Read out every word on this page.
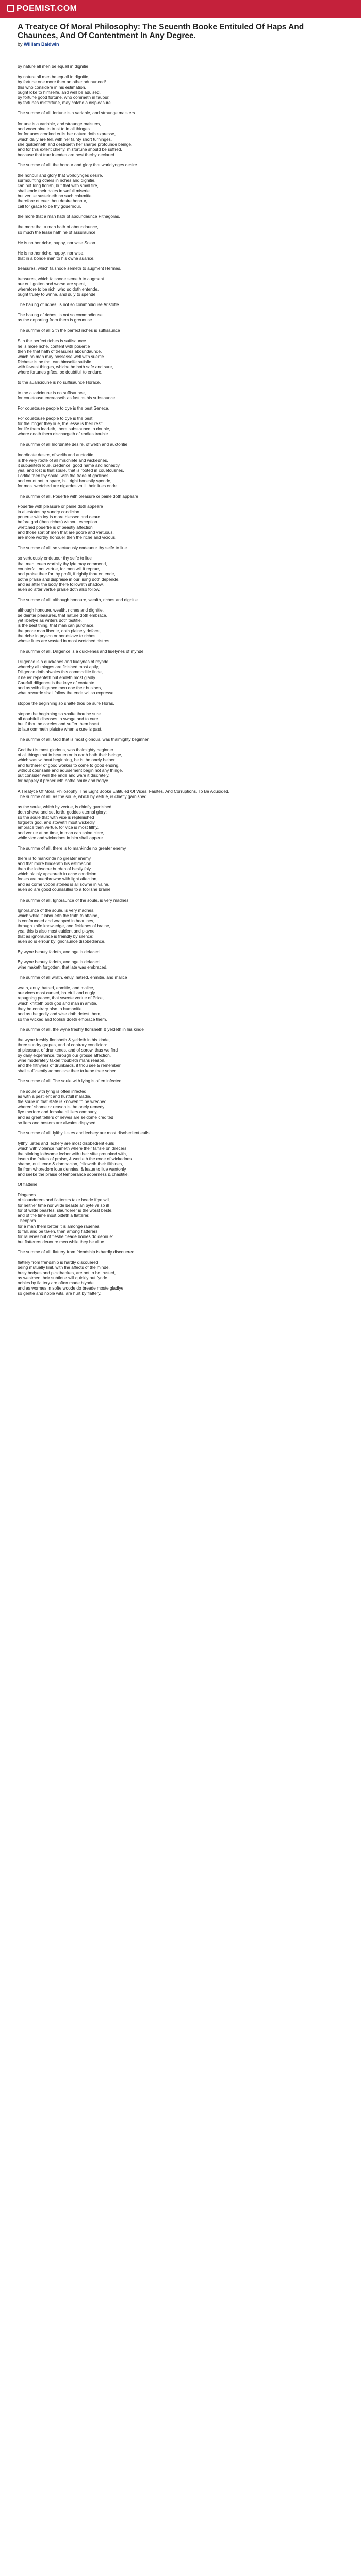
POEMIST.COM
A Treatyce Of Moral Philosophy: The Seuenth Booke Entituled Of Haps And Chaunces, And Of Contentment In Any Degree.
by William Baldwin
by nature all men be equall in dignitie
by nature all men be equall in dignitie,
by fortune one more then an other aduaunced/
this who considere in his estimation,
ought loke to himselfe, and well be aduised,
by fortune good fortune, who commeth in fauour,
by fortunes misfortune, may catche a displeasure.
The summe of all. fortune is a variable, and straunge maisters
fortune is a variable, and straunge maisters,
and vncertaine to trust to in all thinges.
for fortunes crooked euils her nature doth expresse,
which daily are fell, with her fainty short turninges,
she quikenneth and destroieth her sharpe profounde beinge,
and for this extent chiefly, misfortune should be suffred,
because that true friendes are best therby declared.
The summe of all. the honour and glory that worldlynges desire.
the honour and glory that worldlynges desire.
surmounting others in riches and dignitie,
can not long florish, but that with small fire,
shall ende their daies in wofull miserie.
but vertue susteineth no such calamitie,
therefore et euer thou desire honour,
call for grace to be thy gouernour.
the more that a man hath of aboundaunce Pithagoras.
the more that a man hath of aboundaunce,
so much the lesse hath he of assuraunce.
He is nother riche, happy, nor wise Solon.
He is nother riche, happy, nor wise.
that in a bonde man to his owne auarice.
treasures, which falshode semeth to augment Hermes.
treasures, which falshode semeth to augment
are euil gotten and worse are spent,
wherefore to be rich, who so doth entende,
ought truely to winne, and duly to spende.
The hauing of riches, is not so commodiouse Aristotle.
The hauing of riches, is not so commodiouse
as the departing from them is greuouse.
The summe of all Sith the perfect riches is suffisaunce
Sith the perfect riches is suffisaunce
he is more riche, content with pouertie
then he that hath of treasures aboundaunce,
which no man may possesse well with suertie
Richese is be that can himselfe satisfie
with fewest thinges, whiche he both safe and sure,
where fortunes giftes, be doubtfull to endure.
to the auaricioune is no suffisaunce Horace.
to the auaricioune is no suffisaunce,
for couetouse encreaseth as fast as his substaunce.
For couetouse people to dye is the best Seneca.
For couetouse people to dye is the best,
for the longer they liue, the lesse is their rest:
for life them leadeth, there substaunce to double,
where death them dischargeth of endles trouble.
The summe of all Inordinate desire, of welth and auctoritie
Inordinate desire, of welth and auctoritie,
is the very roote of all mischiefe and wickednes,
it subuerteth loue, credence, good name and honestly,
yea, and lost is that soule, that is rooted in couetousnes.
Fortifie then thy soule, with the trade of godlines,
and couet not to spare, but right honestly spende,
for most wretched are nigardes vntill their liues ende.
The summe of all. Pouertie with pleasure or paine doth appeare
Pouertie with pleasure or paine doth appeare
in al estates by sundry condicion
pouertie with ioy is more blessed and deare
before god (then riches) without exception
wretched pouertie is of beastly affection
and those sort of men that are poore and vertuous,
are more worthy honouer then the riche and vicious.
The summe of all. so vertuously endeuour thy selfe to liue
so vertuously endeuour thy selfe to liue
that men, euen worthily thy lyfe may commend,
counterfait not vertue, for men will it reprue,
and praise thee for thy profit, if rightly thou entende,
bothe praise and dispraise in our liuing doth depende,
and as after the body there followeth shadow,
euen so after vertue praise doth also follow.
The summe of all. although honoure, wealth, riches and dignitie
although honoure, wealth, riches and dignitie,
be deintie pleasures, that nature doth embrace,
yet libertye as writers doth testifie,
is the best thing, that man can purchace.
the poore man libertie, doth plainely deface,
the riche in pryson or bondslave to riches,
whose liues are wasted in most wretched distres.
The summe of all. Diligence is a quickenes and liuelynes of mynde
Diligence is a quickenes and liuelynes of mynde
whereby all thinges are finished most aptly,
Diligence doth alwaies this commoditie finde,
it neuer repenteth but endeth most gladly.
Carefull diligence is the keye of contente.
and as with diligence men doe their busines,
what rewarde shall follow the ende wil so expresse.
stoppe the beginning so shalte thou be sure Horas.
stoppe the beginning so shalte thou be sure
all doubtfull diseases to swage and to cure.
but if thou be careles and suffer them brast
to late commeth plaistre when a cure is past.
The summe of all. God that is most glorious, was thalmighty beginner
God that is most glorious, was thalmighty beginner
of all things that in heauen or in earth hath their beinge,
which was without beginning, he is the onely helper.
and furtherer of good workes to come to good ending,
without counsaile and aduisement begin not any thinge.
but consider well the ende and ware it discretely,
for happely it preserueth bothe soule and bodye.
A Treatyce Of Moral Philosophy: The Eight Booke Entituled Of Vices, Faultes, And Corruptions, To Be Aduoided.
The summe of all. as the soule, which by vertue, is chiefly garnished
as the soule, which by vertue, is chiefly garnished
doth shewe and set forth, goddes eternal glory:
so the soule that with vice is replenished
forgoeth god, and stoweth most wickedly,
embrace then vertue, for vice is most filthy.
and vertue at no time, in man can shine clere,
while vice and wickednes in him shall appere.
The summe of all. there is to mankinde no greater enemy
there is to mankinde no greater enemy
and that more hinderath his estimacion
then the lothsome burden of beslly foly,
which plainly appeareth in eche condicion.
fooles are ouerthrowne with light affection,
and as corne vpoon stones is all sowne in vaine,
euen so are good counsailles to a foolishe braine.
The summe of all. Ignoraunce of the soule, is very madnes
Ignoraunce of the soule, is very madnes,
which while it labouerth the truth to attaine,
is confounded and wrapped in heauines,
through knife knowledge, and ficklenes of braine,
yea, this is also most euident and playne,
that as ignoraunce is freindly by silence;
euen so is errour by ignoraunce disobedience.
By wyne beauty fadeth, and age is defaced
By wyne beauty fadeth, and age is defaced
wine maketh forgotten, that late was embraced.
The summe of all wrath, enuy, hatred, enmitie, and malice
wrath, enuy, hatred, enmitie, and malice,
are vices most cursed, hatefull and ougly
repugning peace, that sweete vertue of Price,
which knitteth both god and man in amitie,
they be contrary also to humanitie
and as the godly and wise doth detest them,
so the wicked and foolish doeth embrace them.
The summe of all. the wyne freshly florisheth & yeldeth in his kinde
the wyne freshly florisheth & yeldeth in his kinde,
three sundry grapes, and of contrary condicion:
of pleasure, of drunkenes, and of sorow, thus we find
by daily experience, through our grosse affection,
wine moderately taken troubleth mans reason,
and the filthynes of drunkards, if thou see & remember,
shall sufficiently admonishe thee to kepe thee sober.
The summe of all. The soule with lying is often infected
The soule with lying is often infected
as with a pestilent and hurtfull maladie.
the soule in that state is knowen to be wreched
whereof shame or reason is the onely remedy.
flye therfore and forsake all liers company,
and as great tellers of newes are seldome credited
so liers and bosters are alwaies dispysed.
The summe of all. fylthy lustes and lechery are most disobedient euils
fylthy lustes and lechery are most disobedient euils
which with violence humeth where their fansie on dilecers,
the stinking lothsome lecher with their sifte prouoked with,
loseth the fruites of praise, & weriteth the ende of wickednes.
shame, euill ende & damnacion, followeth their filthines,
fle from whoredom loue dennies, & leaue to liue wantonly
and seeke the praise of temperance soberness & chastitie.
Of flatterie.
Diogenes.
of slounderers and flatterers take heede if ye will,
for neither time nor wilde beaste an byte vs so ill
for of wilde beastes, slaunderer is the worst beste,
and of the time most bitteth a flatterer.
Theophra.
for a man them better it is amonge rauenes
to fall, and be taken, then among flatterers
for rauenes but of fleshe deade bodies do depriue:
but flatterers deuoure men while they be aliue.
The summe of all. flattery from friendship is hardly discouered
flattery from frendship is hardly discouered
being mutually knit, with the affects of the minde,
busy bodyes and picktbankes, are not to be trusted,
as westmen their subtletie will quickly out fynde.
nobles by flattery are often made blynde.
and as wormes in softe woode do breade moste gladlye,
so gentle and noble wits, are hurt by flattery.
